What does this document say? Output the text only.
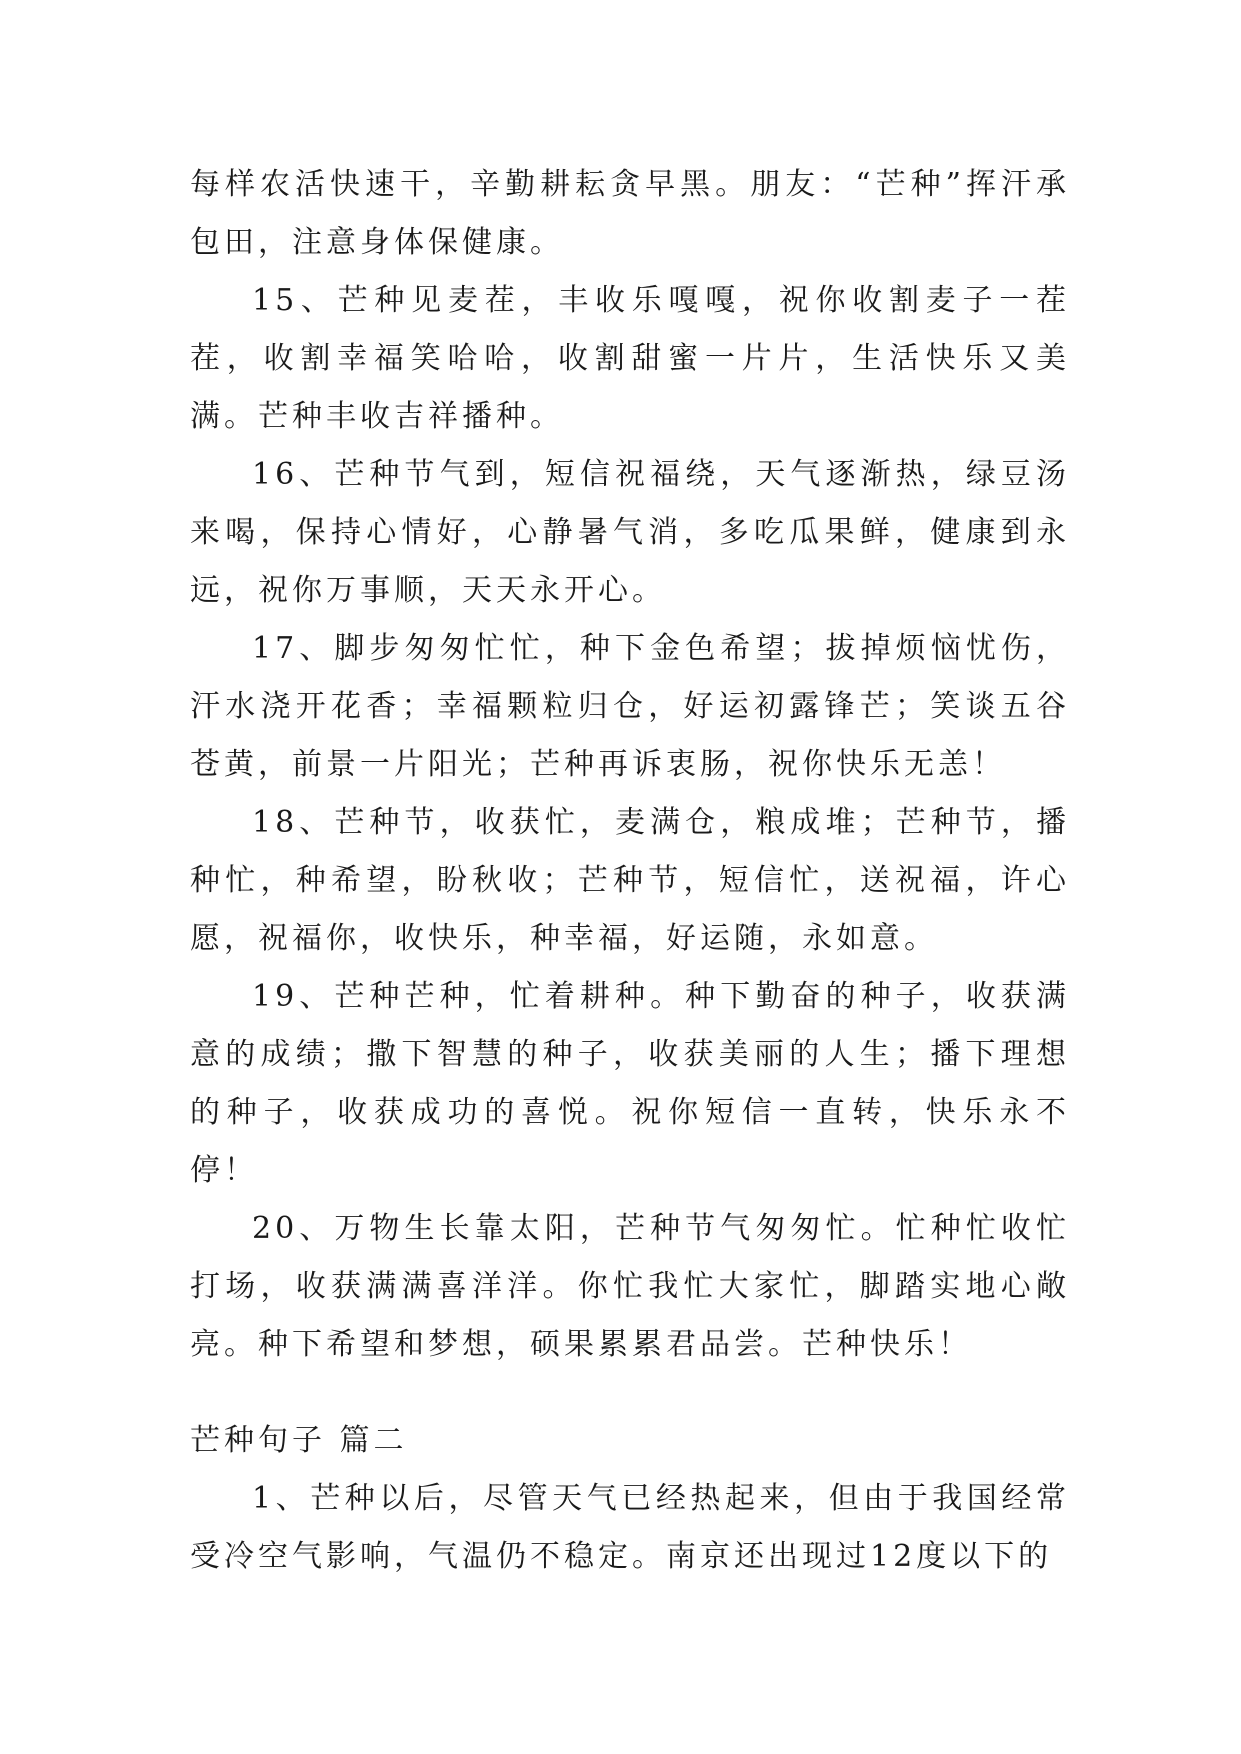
每样农活快速干，辛勤耕耘贪早黑。朋友：“芒种”挥汗承包田，注意身体保健康。

15、芒种见麦茬，丰收乐嘎嘎，祝你收割麦子一茬茬，收割幸福笑哈哈，收割甜蜜一片片，生活快乐又美满。芒种丰收吉祥播种。

16、芒种节气到，短信祝福绕，天气逐渐热，绿豆汤来喝，保持心情好，心静暑气消，多吃瓜果鲜，健康到永远，祝你万事顺，天天永开心。

17、脚步匆匆忙忙，种下金色希望；拔掉烦恼忧伤，汗水浇开花香；幸福颗粒归仓，好运初露锋芒；笑谈五谷苍黄，前景一片阳光；芒种再诉衷肠，祝你快乐无恙！

18、芒种节，收获忙，麦满仓，粮成堆；芒种节，播种忙，种希望，盼秋收；芒种节，短信忙，送祝福，许心愿，祝福你，收快乐，种幸福，好运随，永如意。

19、芒种芒种，忙着耕种。种下勤奋的种子，收获满意的成绩；撒下智慧的种子，收获美丽的人生；播下理想的种子，收获成功的喜悦。祝你短信一直转，快乐永不停！

20、万物生长靠太阳，芒种节气匆匆忙。忙种忙收忙打场，收获满满喜洋洋。你忙我忙大家忙，脚踏实地心敞亮。种下希望和梦想，硕果累累君品尝。芒种快乐！

芒种句子 篇二

1、芒种以后，尽管天气已经热起来，但由于我国经常受冷空气影响，气温仍不稳定。南京还出现过12度以下的
